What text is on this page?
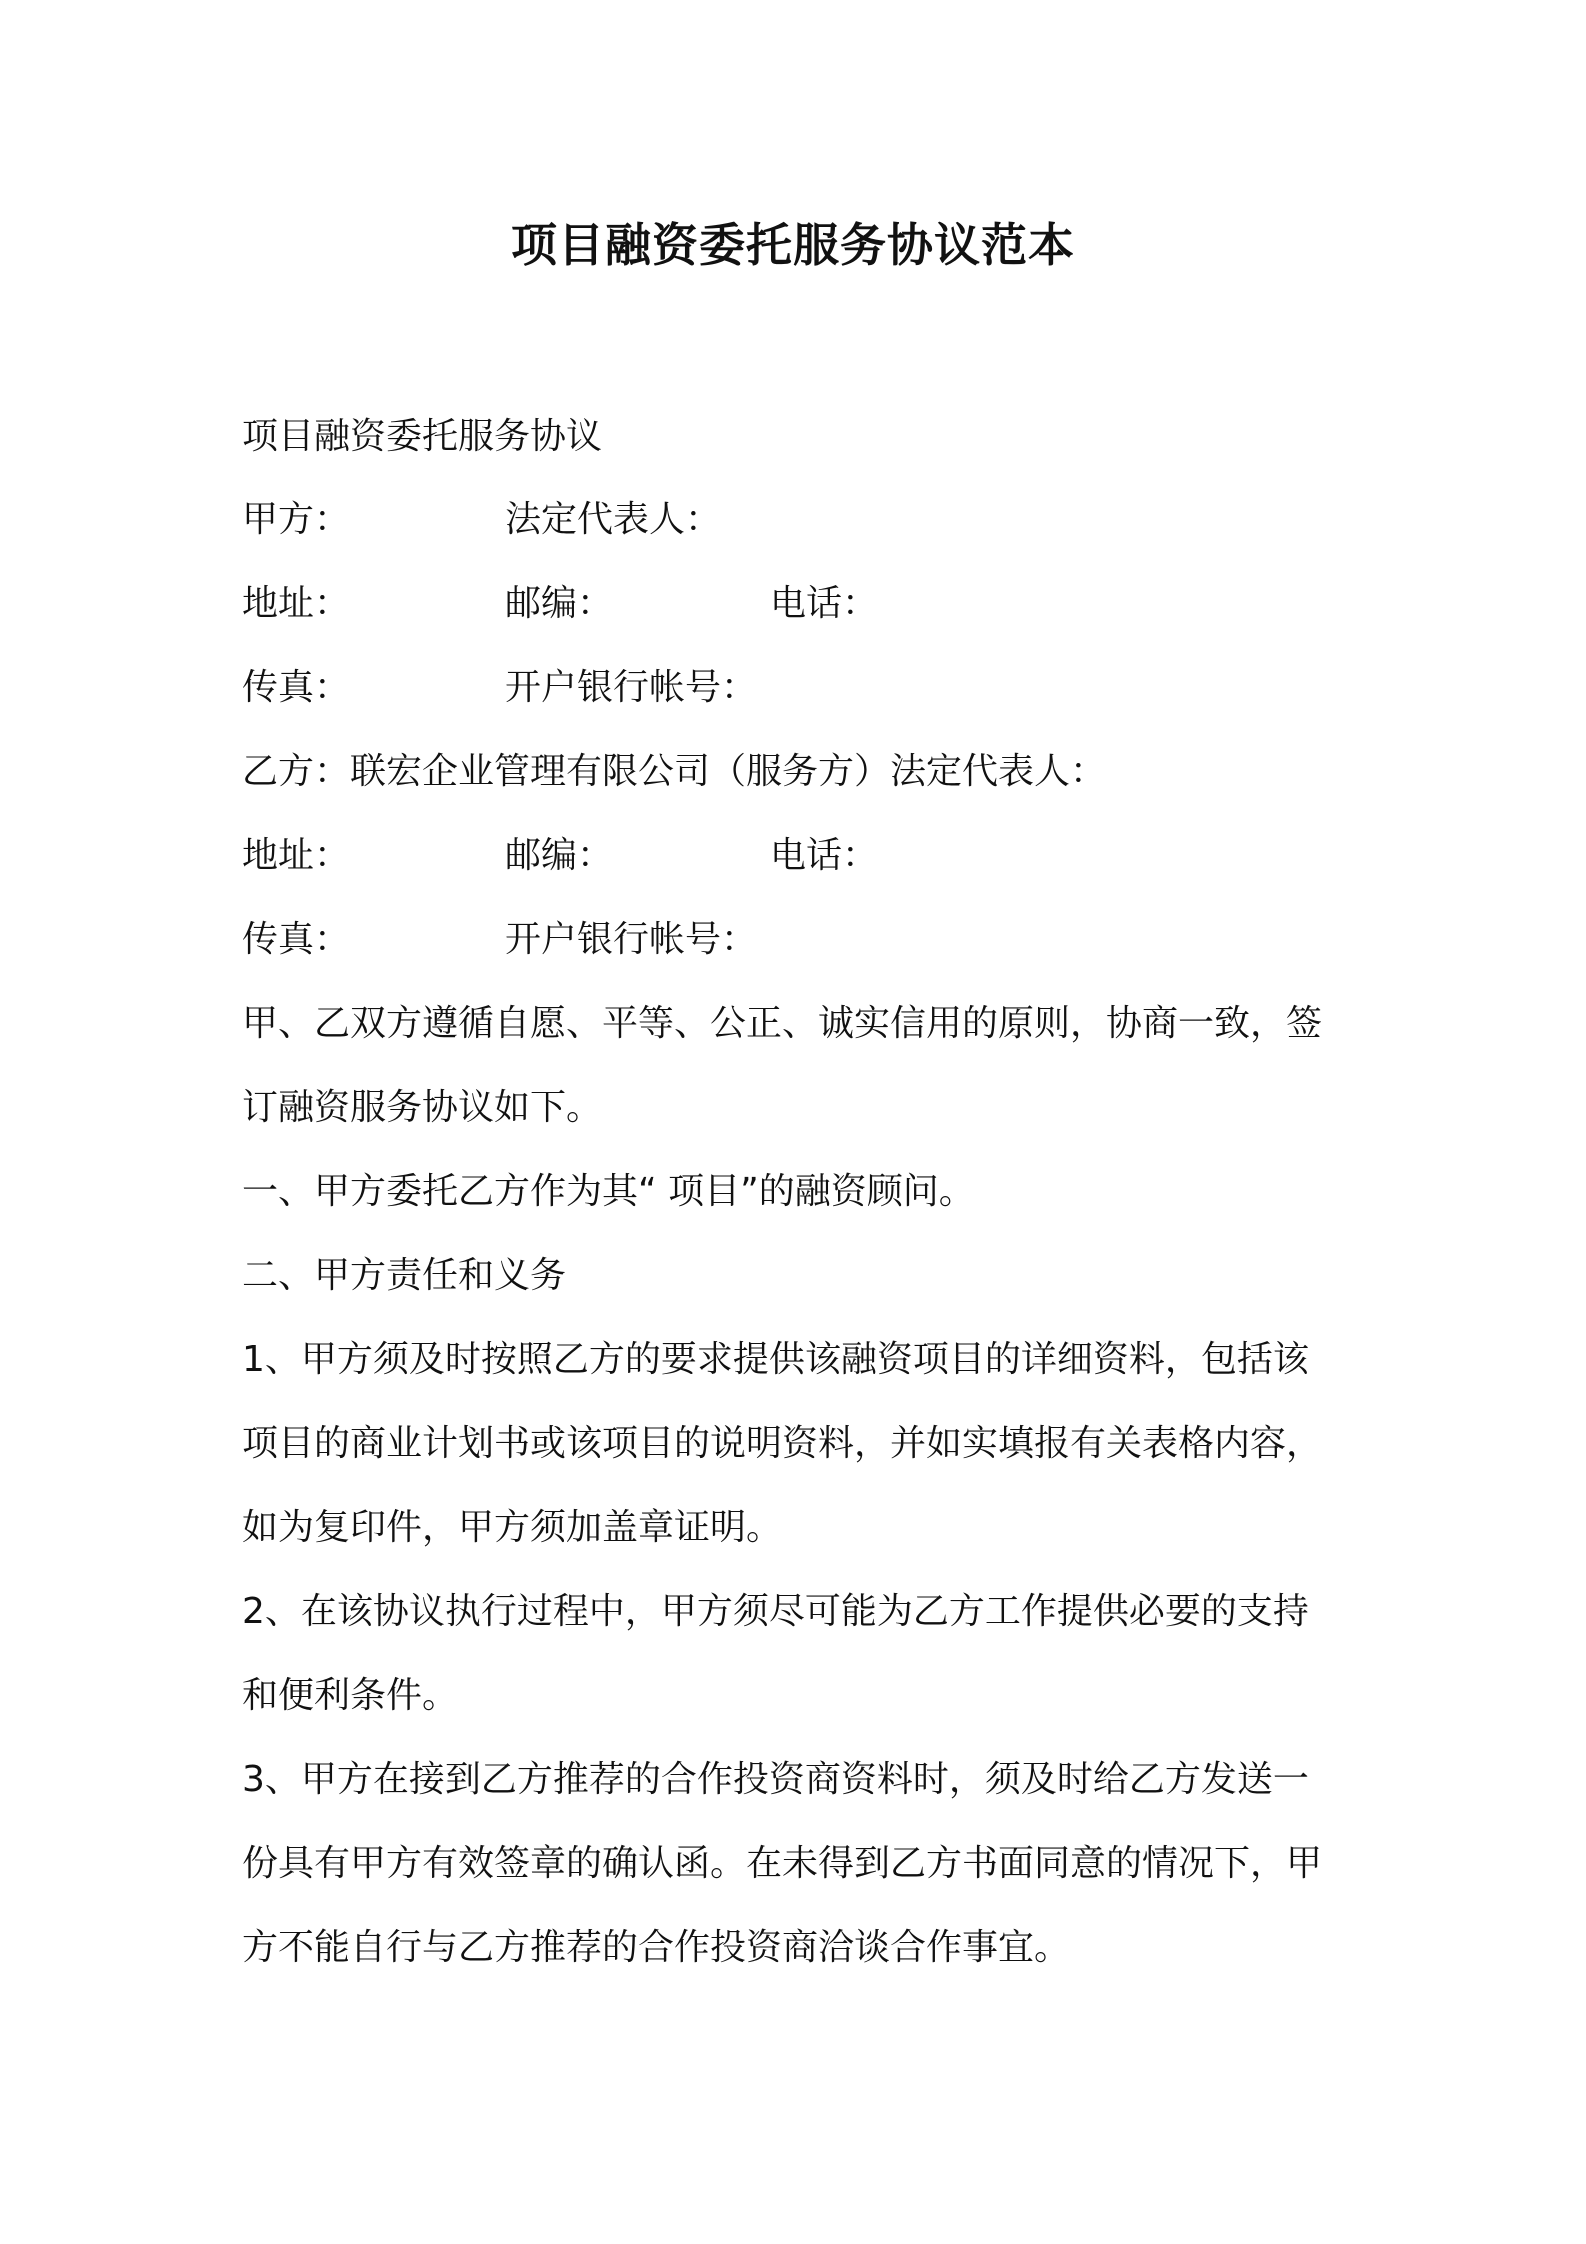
项目融资委托服务协议范本
项目融资委托服务协议
甲方：	法定代表人：
地址：	邮编：	电话：
传真：	开户银行帐号：
乙方：联宏企业管理有限公司（服务方）法定代表人：
地址：	邮编：	电话：
传真：	开户银行帐号：
甲、乙双方遵循自愿、平等、公正、诚实信用的原则，协商一致，签
订融资服务协议如下。
一、甲方委托乙方作为其“ 项目”的融资顾问。
二、甲方责任和义务
1、甲方须及时按照乙方的要求提供该融资项目的详细资料，包括该
项目的商业计划书或该项目的说明资料，并如实填报有关表格内容，
如为复印件，甲方须加盖章证明。
2、在该协议执行过程中，甲方须尽可能为乙方工作提供必要的支持
和便利条件。
3、甲方在接到乙方推荐的合作投资商资料时，须及时给乙方发送一
份具有甲方有效签章的确认函。在未得到乙方书面同意的情况下，甲
方不能自行与乙方推荐的合作投资商洽谈合作事宜。
